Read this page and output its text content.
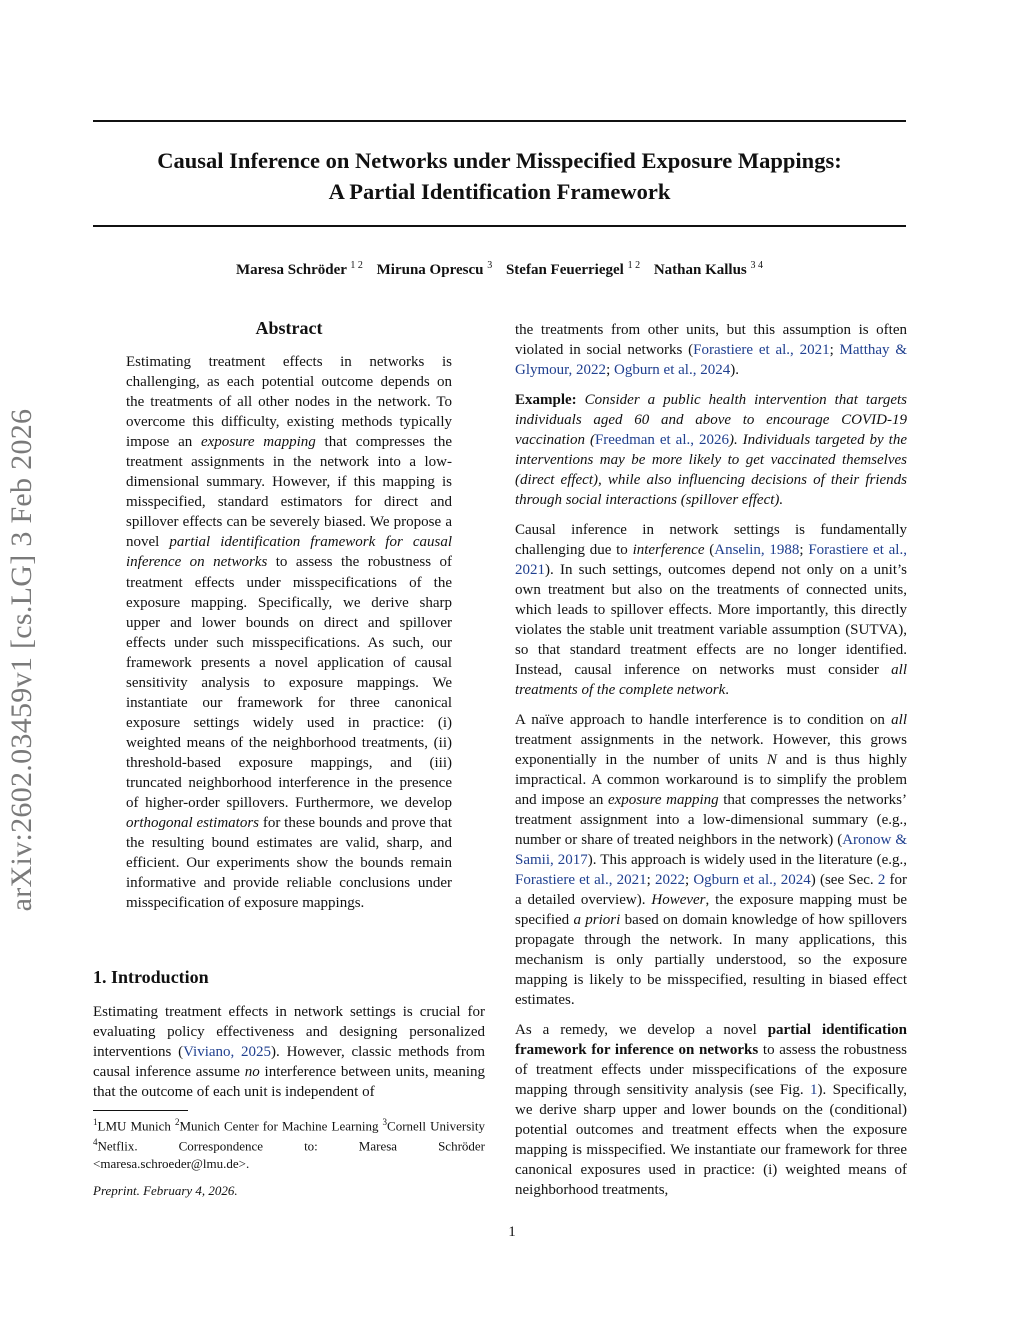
arXiv:2602.03459v1 [cs.LG] 3 Feb 2026
Causal Inference on Networks under Misspecified Exposure Mappings:
A Partial Identification Framework
Maresa Schröder $^{1 2}$ Miruna Oprescu $^3$ Stefan Feuerriegel $^{1 2}$ Nathan Kallus $^{3 4}$
Abstract
Estimating treatment effects in networks is challenging, as each potential outcome depends on the treatments of all other nodes in the network. To overcome this difficulty, existing methods typically impose an exposure mapping that compresses the treatment assignments in the network into a low-dimensional summary. However, if this mapping is misspecified, standard estimators for direct and spillover effects can be severely biased. We propose a novel partial identification framework for causal inference on networks to assess the robustness of treatment effects under misspecifications of the exposure mapping. Specifically, we derive sharp upper and lower bounds on direct and spillover effects under such misspecifications. As such, our framework presents a novel application of causal sensitivity analysis to exposure mappings. We instantiate our framework for three canonical exposure settings widely used in practice: (i) weighted means of the neighborhood treatments, (ii) threshold-based exposure mappings, and (iii) truncated neighborhood interference in the presence of higher-order spillovers. Furthermore, we develop orthogonal estimators for these bounds and prove that the resulting bound estimates are valid, sharp, and efficient. Our experiments show the bounds remain informative and provide reliable conclusions under misspecification of exposure mappings.
1. Introduction
Estimating treatment effects in network settings is crucial for evaluating policy effectiveness and designing personalized interventions (Viviano, 2025). However, classic methods from causal inference assume no interference between units, meaning that the outcome of each unit is independent of
$^1$LMU Munich $^2$Munich Center for Machine Learning $^3$Cornell University $^4$Netflix. Correspondence to: Maresa Schröder <maresa.schroeder@lmu.de>.
Preprint. February 4, 2026.
1

the treatments from other units, but this assumption is often violated in social networks (Forastiere et al., 2021; Matthay & Glymour, 2022; Ogburn et al., 2024).

Example: Consider a public health intervention that targets individuals aged 60 and above to encourage COVID-19 vaccination (Freedman et al., 2026). Individuals targeted by the interventions may be more likely to get vaccinated themselves (direct effect), while also influencing decisions of their friends through social interactions (spillover effect).

Causal inference in network settings is fundamentally challenging due to interference (Anselin, 1988; Forastiere et al., 2021). In such settings, outcomes depend not only on a unit’s own treatment but also on the treatments of connected units, which leads to spillover effects. More importantly, this directly violates the stable unit treatment variable assumption (SUTVA), so that standard treatment effects are no longer identified. Instead, causal inference on networks must consider all treatments of the complete network.

A naïve approach to handle interference is to condition on all treatment assignments in the network. However, this grows exponentially in the number of units N and is thus highly impractical. A common workaround is to simplify the problem and impose an exposure mapping that compresses the networks’ treatment assignment into a low-dimensional summary (e.g., number or share of treated neighbors in the network) (Aronow & Samii, 2017). This approach is widely used in the literature (e.g., Forastiere et al., 2021; 2022; Ogburn et al., 2024) (see Sec. 2 for a detailed overview). However, the exposure mapping must be specified a priori based on domain knowledge of how spillovers propagate through the network. In many applications, this mechanism is only partially understood, so the exposure mapping is likely to be misspecified, resulting in biased effect estimates.

As a remedy, we develop a novel partial identification framework for inference on networks to assess the robustness of treatment effects under misspecifications of the exposure mapping through sensitivity analysis (see Fig. 1). Specifically, we derive sharp upper and lower bounds on the (conditional) potential outcomes and treatment effects when the exposure mapping is misspecified. We instantiate our framework for three canonical exposures used in practice: (i) weighted means of neighborhood treatments,
